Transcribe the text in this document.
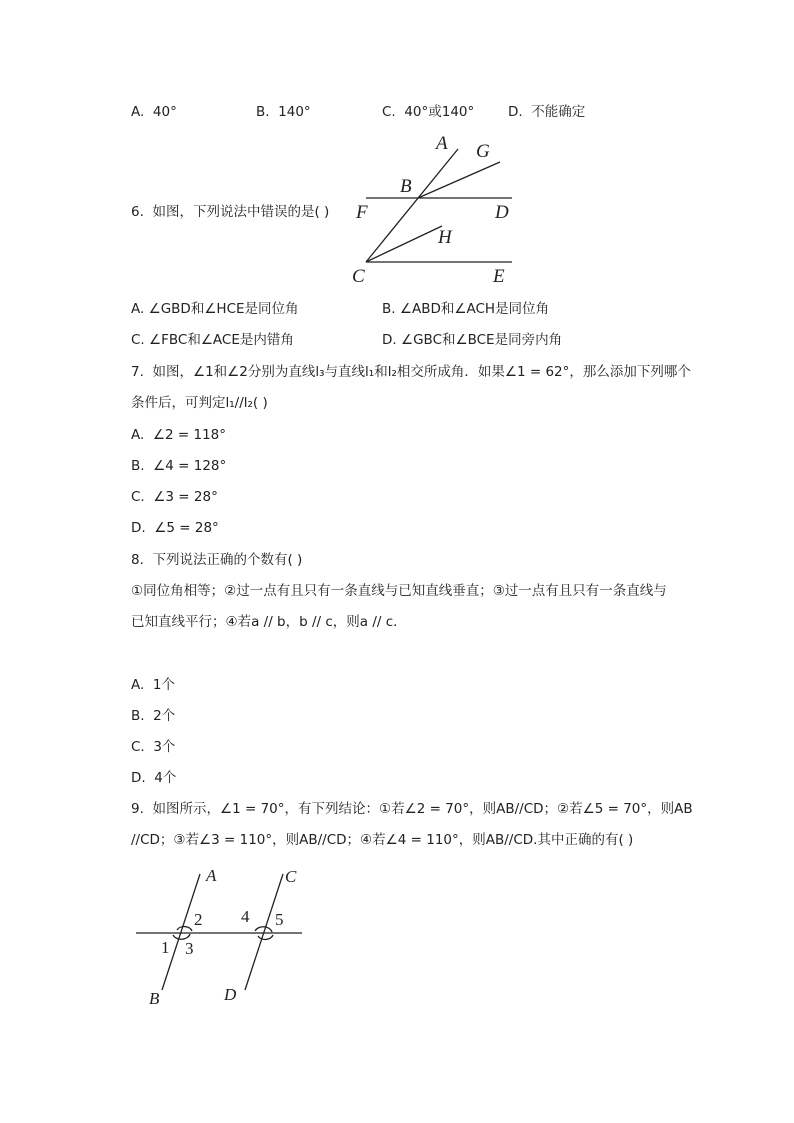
A. 40°	B. 140°	C. 40°或140° D. 不能确定
6. 如图，下列说法中错误的是( )
A G
B
F	D
H
C	E
A. ∠GBD和∠HCE是同位角	B. ∠ABD和∠ACH是同位角
C. ∠FBC和∠ACE是内错角	D. ∠GBC和∠BCE是同旁内角
7. 如图，∠1和∠2分别为直线l₃与直线l₁和l₂相交所成角．如果∠1 = 62°，那么添加下列哪个
条件后，可判定l₁//l₂( )
A. ∠2 = 118°
B. ∠4 = 128°
C. ∠3 = 28°
D. ∠5 = 28°
8. 下列说法正确的个数有( )
①同位角相等；②过一点有且只有一条直线与已知直线垂直；③过一点有且只有一条直线与
已知直线平行；④若a // b，b // c，则a // c．
A. 1个
B. 2个
C. 3个
D. 4个
9. 如图所示，∠1 = 70°，有下列结论：①若∠2 = 70°，则AB//CD；②若∠5 = 70°，则AB
//CD；③若∠3 = 110°，则AB//CD；④若∠4 = 110°，则AB//CD.其中正确的有( )
A	C
2 4 5
1 3
B	D
